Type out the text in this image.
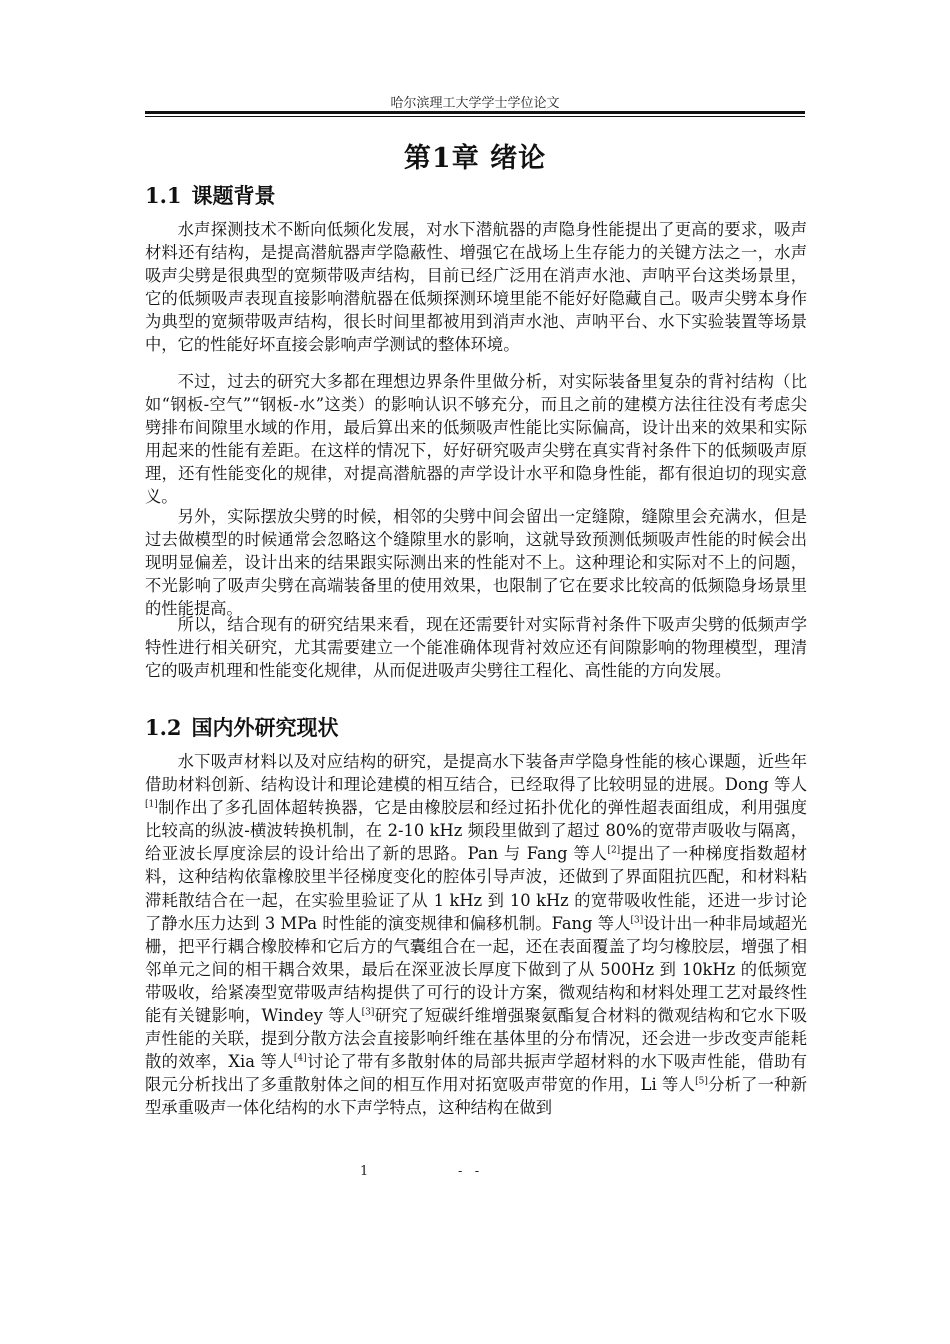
哈尔滨理工大学学士学位论文
第1章 绪论
1.1 课题背景

水声探测技术不断向低频化发展，对水下潜航器的声隐身性能提出了更高的要求，吸声材料还有结构，是提高潜航器声学隐蔽性、增强它在战场上生存能力的关键方法之一，水声吸声尖劈是很典型的宽频带吸声结构，目前已经广泛用在消声水池、声呐平台这类场景里，它的低频吸声表现直接影响潜航器在低频探测环境里能不能好好隐藏自己。吸声尖劈本身作为典型的宽频带吸声结构，很长时间里都被用到消声水池、声呐平台、水下实验装置等场景中，它的性能好坏直接会影响声学测试的整体环境。

不过，过去的研究大多都在理想边界条件里做分析，对实际装备里复杂的背衬结构（比如“钢板-空气”“钢板-水”这类）的影响认识不够充分，而且之前的建模方法往往没有考虑尖劈排布间隙里水域的作用，最后算出来的低频吸声性能比实际偏高，设计出来的效果和实际用起来的性能有差距。在这样的情况下，好好研究吸声尖劈在真实背衬条件下的低频吸声原理，还有性能变化的规律，对提高潜航器的声学设计水平和隐身性能，都有很迫切的现实意义。

另外，实际摆放尖劈的时候，相邻的尖劈中间会留出一定缝隙，缝隙里会充满水，但是过去做模型的时候通常会忽略这个缝隙里水的影响，这就导致预测低频吸声性能的时候会出现明显偏差，设计出来的结果跟实际测出来的性能对不上。这种理论和实际对不上的问题，不光影响了吸声尖劈在高端装备里的使用效果，也限制了它在要求比较高的低频隐身场景里的性能提高。

所以，结合现有的研究结果来看，现在还需要针对实际背衬条件下吸声尖劈的低频声学特性进行相关研究，尤其需要建立一个能准确体现背衬效应还有间隙影响的物理模型，理清它的吸声机理和性能变化规律，从而促进吸声尖劈往工程化、高性能的方向发展。

1.2 国内外研究现状

水下吸声材料以及对应结构的研究，是提高水下装备声学隐身性能的核心课题，近些年借助材料创新、结构设计和理论建模的相互结合，已经取得了比较明显的进展。Dong 等人[1]制作出了多孔固体超转换器，它是由橡胶层和经过拓扑优化的弹性超表面组成，利用强度比较高的纵波-横波转换机制，在 2-10 kHz 频段里做到了超过 80%的宽带声吸收与隔离，给亚波长厚度涂层的设计给出了新的思路。Pan 与 Fang 等人[2]提出了一种梯度指数超材料，这种结构依靠橡胶里半径梯度变化的腔体引导声波，还做到了界面阻抗匹配，和材料粘滞耗散结合在一起，在实验里验证了从 1 kHz 到 10 kHz 的宽带吸收性能，还进一步讨论了静水压力达到 3 MPa 时性能的演变规律和偏移机制。Fang 等人[3]设计出一种非局域超光栅，把平行耦合橡胶棒和它后方的气囊组合在一起，还在表面覆盖了均匀橡胶层，增强了相邻单元之间的相干耦合效果，最后在深亚波长厚度下做到了从 500Hz 到 10kHz 的低频宽带吸收，给紧凑型宽带吸声结构提供了可行的设计方案，微观结构和材料处理工艺对最终性能有关键影响，Windey 等人[3]研究了短碳纤维增强聚氨酯复合材料的微观结构和它水下吸声性能的关联，提到分散方法会直接影响纤维在基体里的分布情况，还会进一步改变声能耗散的效率，Xia 等人[4]讨论了带有多散射体的局部共振声学超材料的水下吸声性能，借助有限元分析找出了多重散射体之间的相互作用对拓宽吸声带宽的作用，Li 等人[5]分析了一种新型承重吸声一体化结构的水下声学特点，这种结构在做到

1	-   -
